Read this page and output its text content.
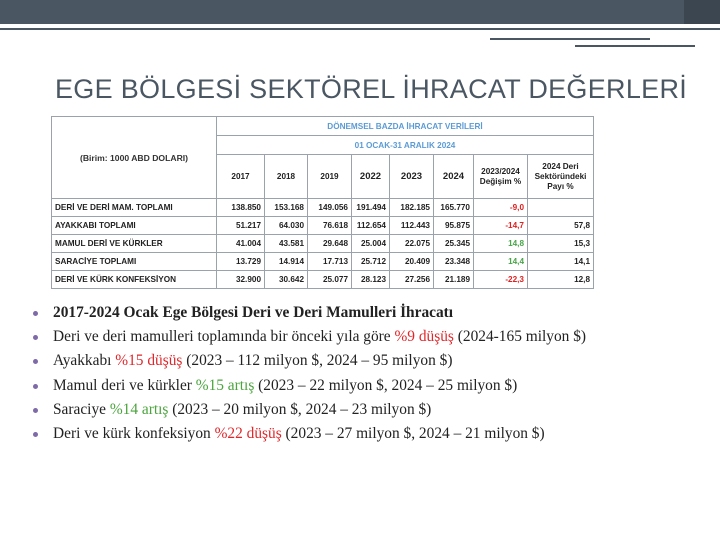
EGE BÖLGESİ SEKTÖREL İHRACAT DEĞERLERİ
(Birim: 1000 ABD DOLARI)	DÖNEMSEL BAZDA İHRACAT VERİLERİ							
	01 OCAK-31 ARALIK 2024							
	2017	2018	2019	2022	2023	2024	2023/2024 Değişim %	2024 Deri Sektöründeki Payı %
DERİ VE DERİ MAM. TOPLAMI	138.850	153.168	149.056	191.494	182.185	165.770	-9,0	
AYAKKABI TOPLAMI	51.217	64.030	76.618	112.654	112.443	95.875	-14,7	57,8
MAMUL DERİ VE KÜRKLER	41.004	43.581	29.648	25.004	22.075	25.345	14,8	15,3
SARACİYE TOPLAMI	13.729	14.914	17.713	25.712	20.409	23.348	14,4	14,1
DERİ VE KÜRK KONFEKSİYON	32.900	30.642	25.077	28.123	27.256	21.189	-22,3	12,8
2017-2024 Ocak Ege Bölgesi Deri ve Deri Mamulleri İhracatı
Deri ve deri mamulleri toplamında bir önceki yıla göre %9 düşüş (2024-165 milyon $)
Ayakkabı %15 düşüş (2023 – 112 milyon $, 2024 – 95 milyon $)
Mamul deri ve kürkler %15 artış (2023 – 22 milyon $, 2024 – 25 milyon $)
Saraciye %14 artış (2023 – 20 milyon $, 2024 – 23 milyon $)
Deri ve kürk konfeksiyon %22 düşüş (2023 – 27 milyon $, 2024 – 21 milyon $)
